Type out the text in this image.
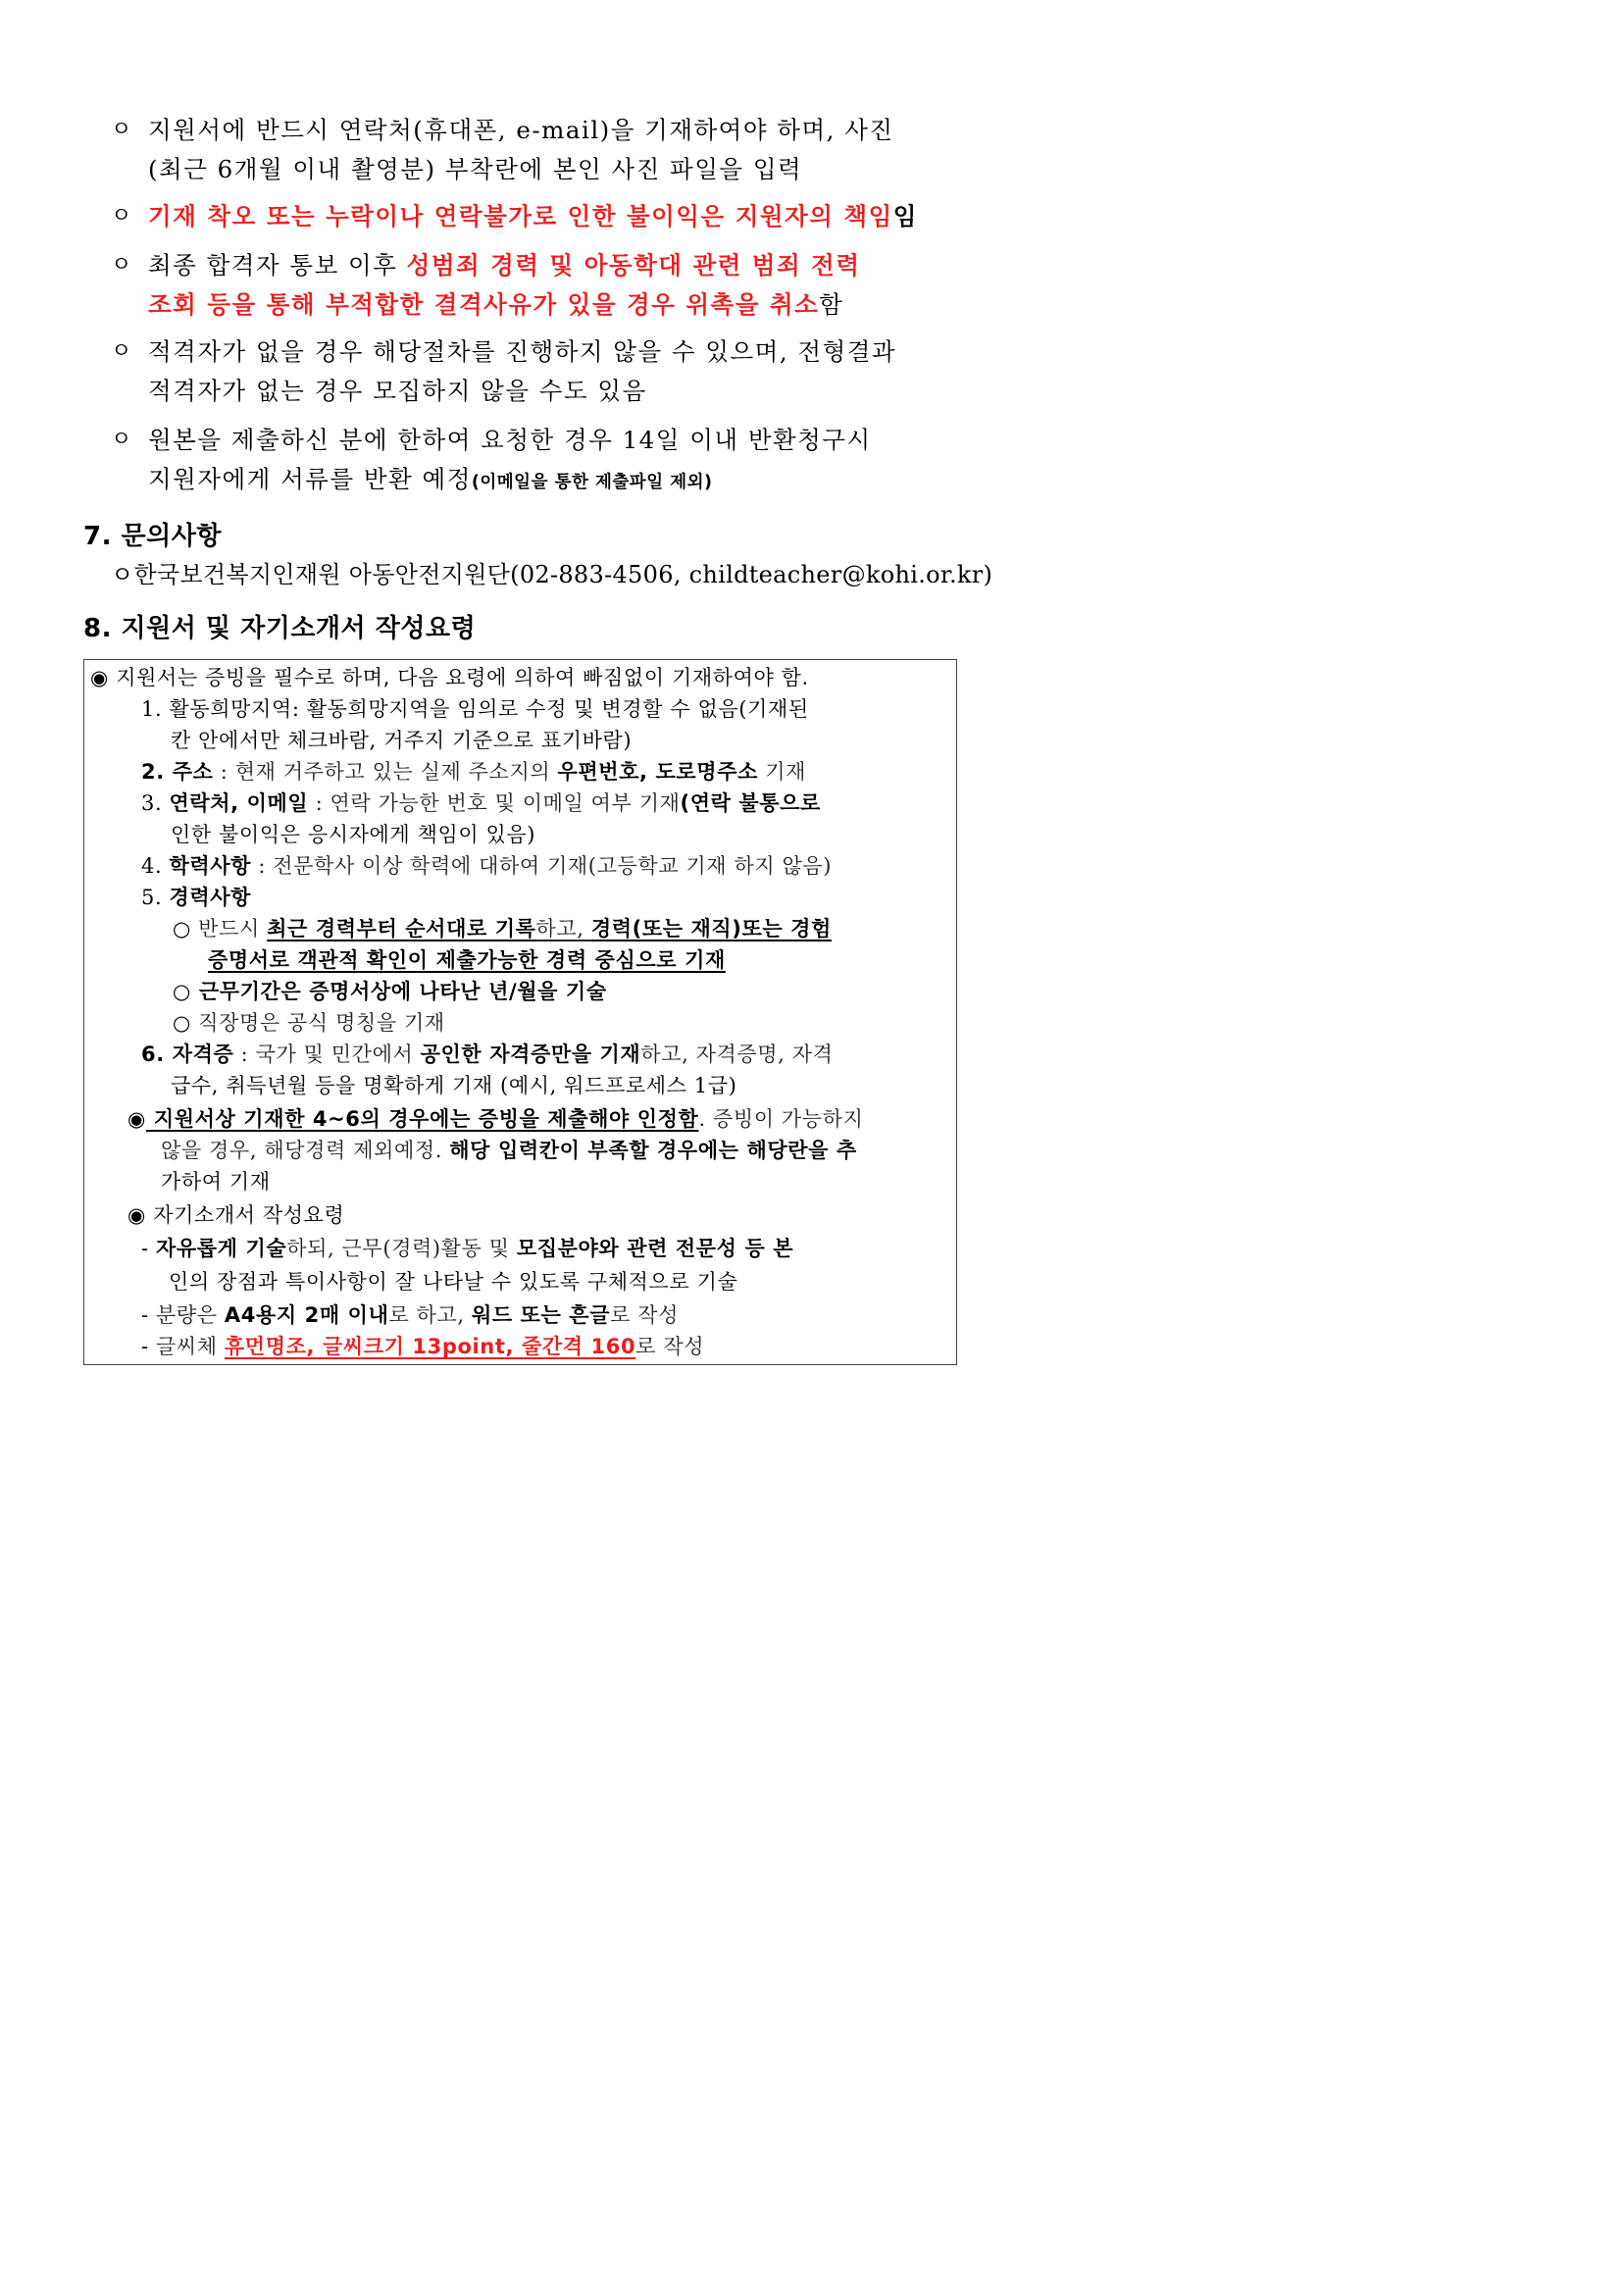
ㅇ 지원서에 반드시 연락처(휴대폰, e-mail)을 기재하여야 하며, 사진
(최근 6개월 이내 촬영분) 부착란에 본인 사진 파일을 입력
ㅇ 기재 착오 또는 누락이나 연락불가로 인한 불이익은 지원자의 책임임
ㅇ 최종 합격자 통보 이후 성범죄 경력 및 아동학대 관련 범죄 전력
조회 등을 통해 부적합한 결격사유가 있을 경우 위촉을 취소함
ㅇ 적격자가 없을 경우 해당절차를 진행하지 않을 수 있으며, 전형결과
적격자가 없는 경우 모집하지 않을 수도 있음
ㅇ 원본을 제출하신 분에 한하여 요청한 경우 14일 이내 반환청구시
지원자에게 서류를 반환 예정(이메일을 통한 제출파일 제외)
7. 문의사항
ㅇ한국보건복지인재원 아동안전지원단(02-883-4506, childteacher@kohi.or.kr)
8. 지원서 및 자기소개서 작성요령
◉ 지원서는 증빙을 필수로 하며, 다음 요령에 의하여 빠짐없이 기재하여야 함.
1. 활동희망지역: 활동희망지역을 임의로 수정 및 변경할 수 없음(기재된
칸 안에서만 체크바람, 거주지 기준으로 표기바람)
2. 주소 : 현재 거주하고 있는 실제 주소지의 우편번호, 도로명주소 기재
3. 연락처, 이메일 : 연락 가능한 번호 및 이메일 여부 기재(연락 불통으로
인한 불이익은 응시자에게 책임이 있음)
4. 학력사항 : 전문학사 이상 학력에 대하여 기재(고등학교 기재 하지 않음)
5. 경력사항
○ 반드시 최근 경력부터 순서대로 기록하고, 경력(또는 재직)또는 경험
증명서로 객관적 확인이 제출가능한 경력 중심으로 기재
○ 근무기간은 증명서상에 나타난 년/월을 기술
○ 직장명은 공식 명칭을 기재
6. 자격증 : 국가 및 민간에서 공인한 자격증만을 기재하고, 자격증명, 자격
급수, 취득년월 등을 명확하게 기재 (예시, 워드프로세스 1급)
◉ 지원서상 기재한 4~6의 경우에는 증빙을 제출해야 인정함. 증빙이 가능하지
않을 경우, 해당경력 제외예정. 해당 입력칸이 부족할 경우에는 해당란을 추
가하여 기재
◉ 자기소개서 작성요령
- 자유롭게 기술하되, 근무(경력)활동 및 모집분야와 관련 전문성 등 본
인의 장점과 특이사항이 잘 나타날 수 있도록 구체적으로 기술
- 분량은 A4용지 2매 이내로 하고, 워드 또는 흔글로 작성
- 글씨체 휴먼명조, 글씨크기 13point, 줄간격 160로 작성
